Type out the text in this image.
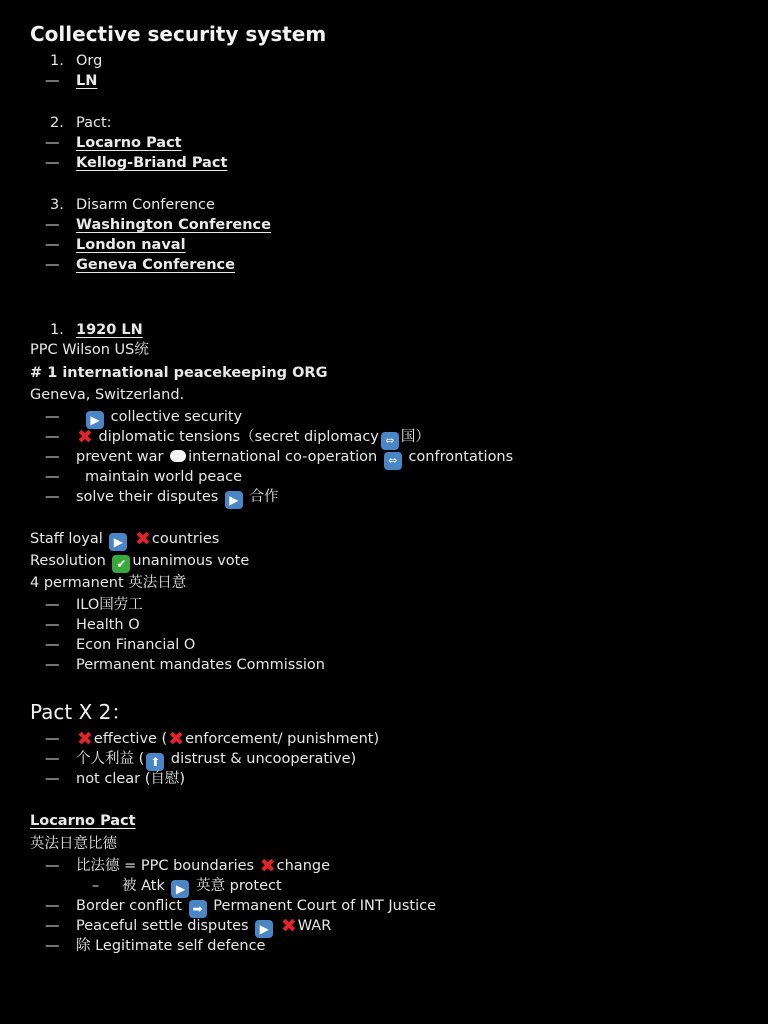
Collective security system
1. Org
— LN
2. Pact:
— Locarno Pact
— Kellog-Briand Pact
3. Disarm Conference
— Washington Conference
— London naval
— Geneva Conference
1. 1920 LN
PPC Wilson US统
# 1 international peacekeeping ORG
Geneva, Switzerland.
—	▶ collective security
— ✖ diplomatic tensions（secret diplomacy ⇔ 国）
— prevent war international co-operation ⇔ confrontations
— maintain world peace
— solve their disputes ▶ 合作
Staff loyal ▶ ✖countries
Resolution ✔ unanimous vote
4 permanent 英法日意
— ILO国劳工
— Health O
— Econ Financial O
— Permanent mandates Commission
Pact X 2：
— ✖effective (✖enforcement/ punishment)
— 个人利益 ( ⬆ distrust & uncooperative)
— not clear (自慰)
Locarno Pact
英法日意比德
— 比法德 = PPC boundaries ✖change
– 被 Atk ▶ 英意 protect
— Border conflict ➡ Permanent Court of INT Justice
— Peaceful settle disputes ▶ ✖WAR
— 除 Legitimate self defence
